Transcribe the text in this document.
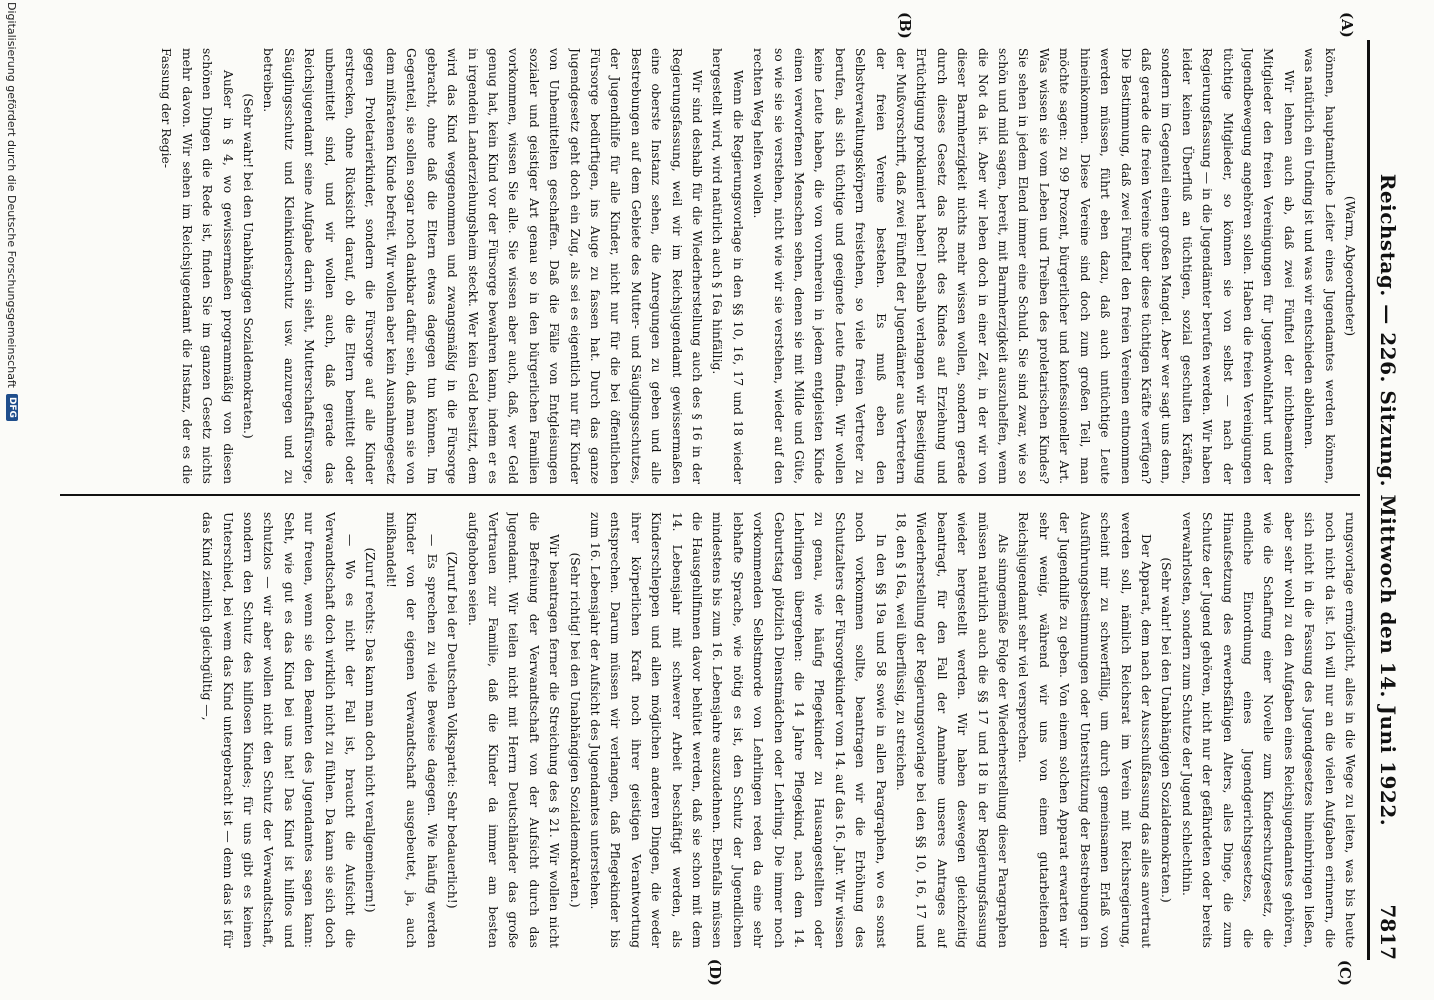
Reichstag. — 226. Sitzung. Mittwoch den 14. Juni 1922.
7817
(A)
(B)
(C)
(D)

(Warm, Abgeordneter)

können, hauptamtliche Leiter eines Jugendamtes werden können, was natürlich ein Unding ist und was wir entschieden ablehnen.

Wir lehnen auch ab, daß zwei Fünftel der nichtbeamteten Mitglieder den freien Vereinigungen für Jugendwohlfahrt und der Jugendbewegung angehören sollen. Haben die freien Vereinigungen tüchtige Mitglieder, so können sie von selbst — nach der Regierungsfassung — in die Jugendämter berufen werden. Wir haben leider keinen Überfluß an tüchtigen, sozial geschulten Kräften, sondern im Gegenteil einen großen Mangel. Aber wer sagt uns denn, daß gerade die freien Vereine über diese tüchtigen Kräfte verfügen? Die Bestimmung, daß zwei Fünftel den freien Vereinen entnommen werden müssen, führt eben dazu, daß auch untüchtige Leute hineinkommen. Diese Vereine sind doch zum großen Teil, man möchte sagen: zu 99 Prozent, bürgerlicher und konfessioneller Art. Was wissen sie vom Leben und Treiben des proletarischen Kindes? Sie sehen in jedem Elend immer eine Schuld. Sie sind zwar, wie so schön und mild sagen, bereit, mit Barmherzigkeit auszuhelfen, wenn die Not da ist. Aber wir leben doch in einer Zeit, in der wir von dieser Barmherzigkeit nichts mehr wissen wollen, sondern gerade durch dieses Gesetz das Recht des Kindes auf Erziehung und Ertüchtigung proklamiert haben! Deshalb verlangen wir Beseitigung der Mußvorschrift, daß zwei Fünftel der Jugendämter aus Vertretern der freien Vereine bestehen. Es muß eben den Selbstverwaltungskörpern freistehen, so viele freien Vertreter zu berufen, als sich tüchtige und geeignete Leute finden. Wir wollen keine Leute haben, die von vornherein in jedem entgleisten Kinde einen verworfenen Menschen sehen, denen sie mit Milde und Güte, so wie sie sie verstehen, nicht wie wir sie verstehen, wieder auf den rechten Weg helfen wollen.

Wenn die Regierungsvorlage in den §§ 10, 16, 17 und 18 wieder hergestellt wird, wird natürlich auch § 16a hinfällig.

Wir sind deshalb für die Wiederherstellung auch des § 16 in der Regierungsfassung, weil wir im Reichsjugendamt gewissermaßen eine oberste Instanz sehen, die Anregungen zu geben und alle Bestrebungen auf dem Gebiete des Mutter- und Säuglingsschutzes, der Jugendhilfe für alle Kinder, nicht nur für die bei öffentlichen Fürsorge bedürftigen, ins Auge zu fassen hat. Durch das ganze Jugendgesetz geht doch ein Zug, als sei es eigentlich nur für Kinder von Unbemittelten geschaffen. Daß die Fälle von Entgleisungen sozialer und geistiger Art genau so in den bürgerlichen Familien vorkommen, wissen Sie alle. Sie wissen aber auch, daß, wer Geld genug hat, kein Kind vor der Fürsorge bewahren kann, indem er es in irgendein Landerziehungsheim steckt. Wer kein Geld besitzt, dem wird das Kind weggenommen und zwangsmäßig in die Fürsorge gebracht, ohne daß die Eltern etwas dagegen tun können. Im Gegenteil, sie sollen sogar noch dankbar dafür sein, daß man sie von dem mißratenen Kinde befreit. Wir wollen aber kein Ausnahmegesetz gegen Proletarierkinder, sondern die Fürsorge auf alle Kinder erstrecken, ohne Rücksicht darauf, ob die Eltern bemittelt oder unbemittelt sind, und wir wollen auch, daß gerade das Reichsjugendamt seine Aufgabe darin sieht, Mutterschaftsfürsorge, Säuglingsschutz und Kleinkinderschutz usw. anzuregen und zu betreiben.

(Sehr wahr! bei den Unabhängigen Sozialdemokraten.)

Außer in § 4, wo gewissermaßen programmäßig von diesen schönen Dingen die Rede ist, finden Sie im ganzen Gesetz nichts mehr davon. Wir sehen im Reichsjugendamt die Instanz, der es die Fassung der Regie-

rungsvorlage ermöglicht, alles in die Wege zu leiten, was bis heute noch nicht da ist. Ich will nur an die vielen Aufgaben erinnern, die sich nicht in die Fassung des Jugendgesetzes hineinbringen ließen, aber sehr wohl zu den Aufgaben eines Reichsjugendamtes gehören, wie die Schaffung einer Novelle zum Kinderschutzgesetz, die endliche Einordnung eines Jugendgerichtsgesetzes, die Hinaufsetzung des erwerbsfähigen Alters, alles Dinge, die zum Schutze der Jugend gehören, nicht nur der gefährdeten oder bereits verwahrlosten, sondern zum Schutze der Jugend schlechthin.

(Sehr wahr! bei den Unabhängigen Sozialdemokraten.)

Der Apparat, dem nach der Ausschußfassung das alles anvertraut werden soll, nämlich Reichsrat im Verein mit Reichsregierung, scheint mir zu schwerfällig, um durch gemeinsamen Erlaß von Ausführungsbestimmungen oder Unterstützung der Bestrebungen in der Jugendhilfe zu geben. Von einem solchen Apparat erwarten wir sehr wenig, während wir uns von einem gutarbeitenden Reichsjugendamt sehr viel versprechen.

Als sinngemäße Folge der Wiederherstellung dieser Paragraphen müssen natürlich auch die §§ 17 und 18 in der Regierungsfassung wieder hergestellt werden. Wir haben deswegen gleichzeitig beantragt, für den Fall der Annahme unseres Antrages auf Wiederherstellung der Regierungsvorlage bei den §§ 10, 16, 17 und 18, den § 16a, weil überflüssig, zu streichen.

In den §§ 19a und 58 sowie in allen Paragraphen, wo es sonst noch vorkommen sollte, beantragen wir die Erhöhung des Schutzalters der Fürsorgekinder vom 14. auf das 16. Jahr. Wir wissen zu genau, wie häufig Pflegekinder zu Hausangestellten oder Lehrlingen übergehen: die 14 Jahre Pflegekind, nach dem 14. Geburtstag plötzlich Dienstmädchen oder Lehrling. Die immer noch vorkommenden Selbstmorde von Lehrlingen reden da eine sehr lebhafte Sprache, wie nötig es ist, den Schutz der Jugendlichen mindestens bis zum 16. Lebensjahre auszudehnen. Ebenfalls müssen die Hausgehilfinnen davor behütet werden, daß sie schon mit dem 14. Lebensjahr mit schwerer Arbeit beschäftigt werden, als Kinderschleppen und allen möglichen anderen Dingen, die weder ihrer körperlichen Kraft noch ihrer geistigen Verantwortung entsprechen. Darum müssen wir verlangen, daß Pflegekinder bis zum 16. Lebensjahr der Aufsicht des Jugendamtes unterstehen.

(Sehr richtig! bei den Unabhängigen Sozialdemokraten.)

Wir beantragen ferner die Streichung des § 21. Wir wollen nicht die Befreiung der Verwandtschaft von der Aufsicht durch das Jugendamt. Wir teilen nicht mit Herrn Deutschländer das große Vertrauen zur Familie, daß die Kinder da immer am besten aufgehoben seien.

(Zuruf bei der Deutschen Volkspartei: Sehr bedauerlich!)

— Es sprechen zu viele Beweise dagegen. Wie häufig werden Kinder von der eigenen Verwandtschaft ausgebeutet, ja, auch mißhandelt!

(Zuruf rechts: Das kann man doch nicht verallgemeinern!)

— Wo es nicht der Fall ist, braucht die Aufsicht die Verwandtschaft doch wirklich nicht zu fühlen. Da kann sie sich doch nur freuen, wenn sie den Beamten des Jugendamtes sagen kann: Seht, wie gut es das Kind bei uns hat! Das Kind ist hilflos und schutzlos — wir aber wollen nicht den Schutz der Verwandtschaft, sondern den Schutz des hilflosen Kindes; für uns gibt es keinen Unterschied, bei wem das Kind untergebracht ist — denn das ist für das Kind ziemlich gleichgültig —,

Digitalisierung gefördert durch die Deutsche Forschungsgemeinschaft
DFG
